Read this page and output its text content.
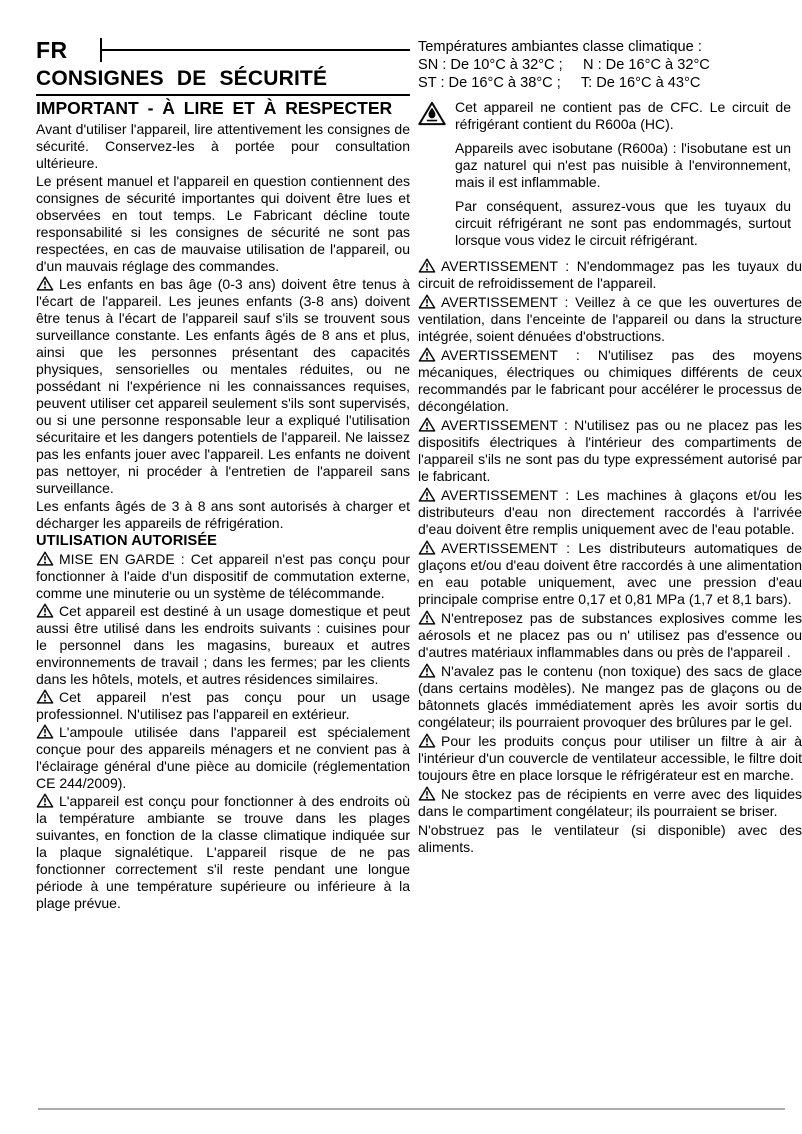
FR
CONSIGNES DE SÉCURITÉ
IMPORTANT - À LIRE ET À RESPECTER

Avant d'utiliser l'appareil, lire attentivement les consignes de sécurité. Conservez-les à portée pour consultation ultérieure.

Le présent manuel et l'appareil en question contiennent des consignes de sécurité importantes qui doivent être lues et observées en tout temps. Le Fabricant décline toute responsabilité si les consignes de sécurité ne sont pas respectées, en cas de mauvaise utilisation de l'appareil, ou d'un mauvais réglage des commandes.

Les enfants en bas âge (0-3 ans) doivent être tenus à l'écart de l'appareil. Les jeunes enfants (3-8 ans) doivent être tenus à l'écart de l'appareil sauf s'ils se trouvent sous surveillance constante. Les enfants âgés de 8 ans et plus, ainsi que les personnes présentant des capacités physiques, sensorielles ou mentales réduites, ou ne possédant ni l'expérience ni les connaissances requises, peuvent utiliser cet appareil seulement s'ils sont supervisés, ou si une personne responsable leur a expliqué l'utilisation sécuritaire et les dangers potentiels de l'appareil. Ne laissez pas les enfants jouer avec l'appareil. Les enfants ne doivent pas nettoyer, ni procéder à l'entretien de l'appareil sans surveillance.

Les enfants âgés de 3 à 8 ans sont autorisés à charger et décharger les appareils de réfrigération.

UTILISATION AUTORISÉE

MISE EN GARDE : Cet appareil n'est pas conçu pour fonctionner à l'aide d'un dispositif de commutation externe, comme une minuterie ou un système de télécommande.

Cet appareil est destiné à un usage domestique et peut aussi être utilisé dans les endroits suivants : cuisines pour le personnel dans les magasins, bureaux et autres environnements de travail ; dans les fermes; par les clients dans les hôtels, motels, et autres résidences similaires.

Cet appareil n'est pas conçu pour un usage professionnel. N'utilisez pas l'appareil en extérieur.

L'ampoule utilisée dans l'appareil est spécialement conçue pour des appareils ménagers et ne convient pas à l'éclairage général d'une pièce au domicile (réglementation CE 244/2009).

L'appareil est conçu pour fonctionner à des endroits où la température ambiante se trouve dans les plages suivantes, en fonction de la classe climatique indiquée sur la plaque signalétique. L'appareil risque de ne pas fonctionner correctement s'il reste pendant une longue période à une température supérieure ou inférieure à la plage prévue.

Températures ambiantes classe climatique :

SN : De 10°C à 32°C ;     N : De 16°C à 32°C

ST : De 16°C à 38°C ;     T: De 16°C à 43°C

Cet appareil ne contient pas de CFC. Le circuit de réfrigérant contient du R600a (HC).

Appareils avec isobutane (R600a) : l'isobutane est un gaz naturel qui n'est pas nuisible à l'environnement, mais il est inflammable.

Par conséquent, assurez-vous que les tuyaux du circuit réfrigérant ne sont pas endommagés, surtout lorsque vous videz le circuit réfrigérant.

AVERTISSEMENT : N'endommagez pas les tuyaux du circuit de refroidissement de l'appareil.

AVERTISSEMENT : Veillez à ce que les ouvertures de ventilation, dans l'enceinte de l'appareil ou dans la structure intégrée, soient dénuées d'obstructions.

AVERTISSEMENT : N'utilisez pas des moyens mécaniques, électriques ou chimiques différents de ceux recommandés par le fabricant pour accélérer le processus de décongélation.

AVERTISSEMENT : N'utilisez pas ou ne placez pas les dispositifs électriques à l'intérieur des compartiments de l'appareil s'ils ne sont pas du type expressément autorisé par le fabricant.

AVERTISSEMENT : Les machines à glaçons et/ou les distributeurs d'eau non directement raccordés à l'arrivée d'eau doivent être remplis uniquement avec de l'eau potable.

AVERTISSEMENT : Les distributeurs automatiques de glaçons et/ou d'eau doivent être raccordés à une alimentation en eau potable uniquement, avec une pression d'eau principale comprise entre 0,17 et 0,81 MPa (1,7 et 8,1 bars).

N'entreposez pas de substances explosives comme les aérosols et ne placez pas ou n' utilisez pas d'essence ou d'autres matériaux inflammables dans ou près de l'appareil .

N'avalez pas le contenu (non toxique) des sacs de glace (dans certains modèles). Ne mangez pas de glaçons ou de bâtonnets glacés immédiatement après les avoir sortis du congélateur; ils pourraient provoquer des brûlures par le gel.

Pour les produits conçus pour utiliser un filtre à air à l'intérieur d'un couvercle de ventilateur accessible, le filtre doit toujours être en place lorsque le réfrigérateur est en marche.

Ne stockez pas de récipients en verre avec des liquides dans le compartiment congélateur; ils pourraient se briser.

N'obstruez pas le ventilateur (si disponible) avec des aliments.
